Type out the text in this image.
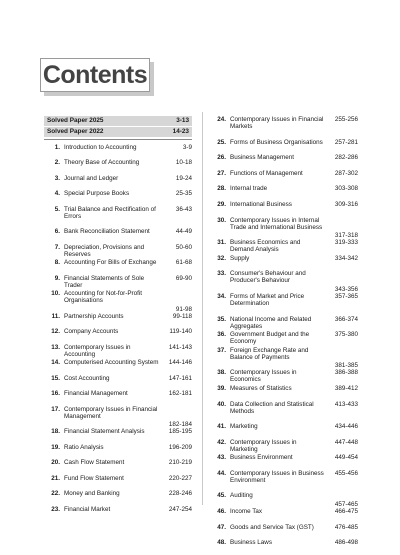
Contents
Solved Paper 2025	3-13
Solved Paper 2022	14-23
1. Introduction to Accounting	3-9
2. Theory Base of Accounting	10-18
3. Journal and Ledger	19-24
4. Special Purpose Books	25-35
5. Trial Balance and Rectification of Errors
36-43
6. Bank Reconciliation Statement	44-49
7. Depreciation, Provisions and Reserves
50-60
8. Accounting For Bills of Exchange	61-68
9. Financial Statements of Sole Trader
69-90
10. Accounting for Not-for-Profit Organisations
91-98
11. Partnership Accounts	99-118
12. Company Accounts	119-140
13. Contemporary Issues in Accounting
141-143
14. Computerised Accounting System	144-146
15. Cost Accounting	147-161
16. Financial Management	162-181
17. Contemporary Issues in Financial Management
182-184
18. Financial Statement Analysis	185-195
19. Ratio Analysis	196-209
20. Cash Flow Statement	210-219
21. Fund Flow Statement	220-227
22. Money and Banking	228-246
23. Financial Market	247-254
24. Contemporary Issues in Financial Markets
255-256
25. Forms of Business Organisations	257-281
26. Business Management	282-286
27. Functions of Management	287-302
28. Internal trade	303-308
29. International Business	309-316
30. Contemporary Issues in Internal Trade and International Business
317-318
31. Business Economics and Demand Analysis
319-333
32. Supply	334-342
33. Consumer's Behaviour and Producer's Behaviour
343-356
34. Forms of Market and Price Determination
357-365
35. National Income and Related Aggregates
366-374
36. Government Budget and the Economy
375-380
37. Foreign Exchange Rate and Balance of Payments
381-385
38. Contemporary Issues in Economics
386-388
39. Measures of Statistics	389-412
40. Data Collection and Statistical Methods
413-433
41. Marketing	434-446
42. Contemporary Issues in Marketing
447-448
43. Business Environment	449-454
44. Contemporary Issues in Business Environment
455-456
45. Auditing
457-465
46. Income Tax	466-475
47. Goods and Service Tax (GST)	476-485
48. Business Laws	486-498
